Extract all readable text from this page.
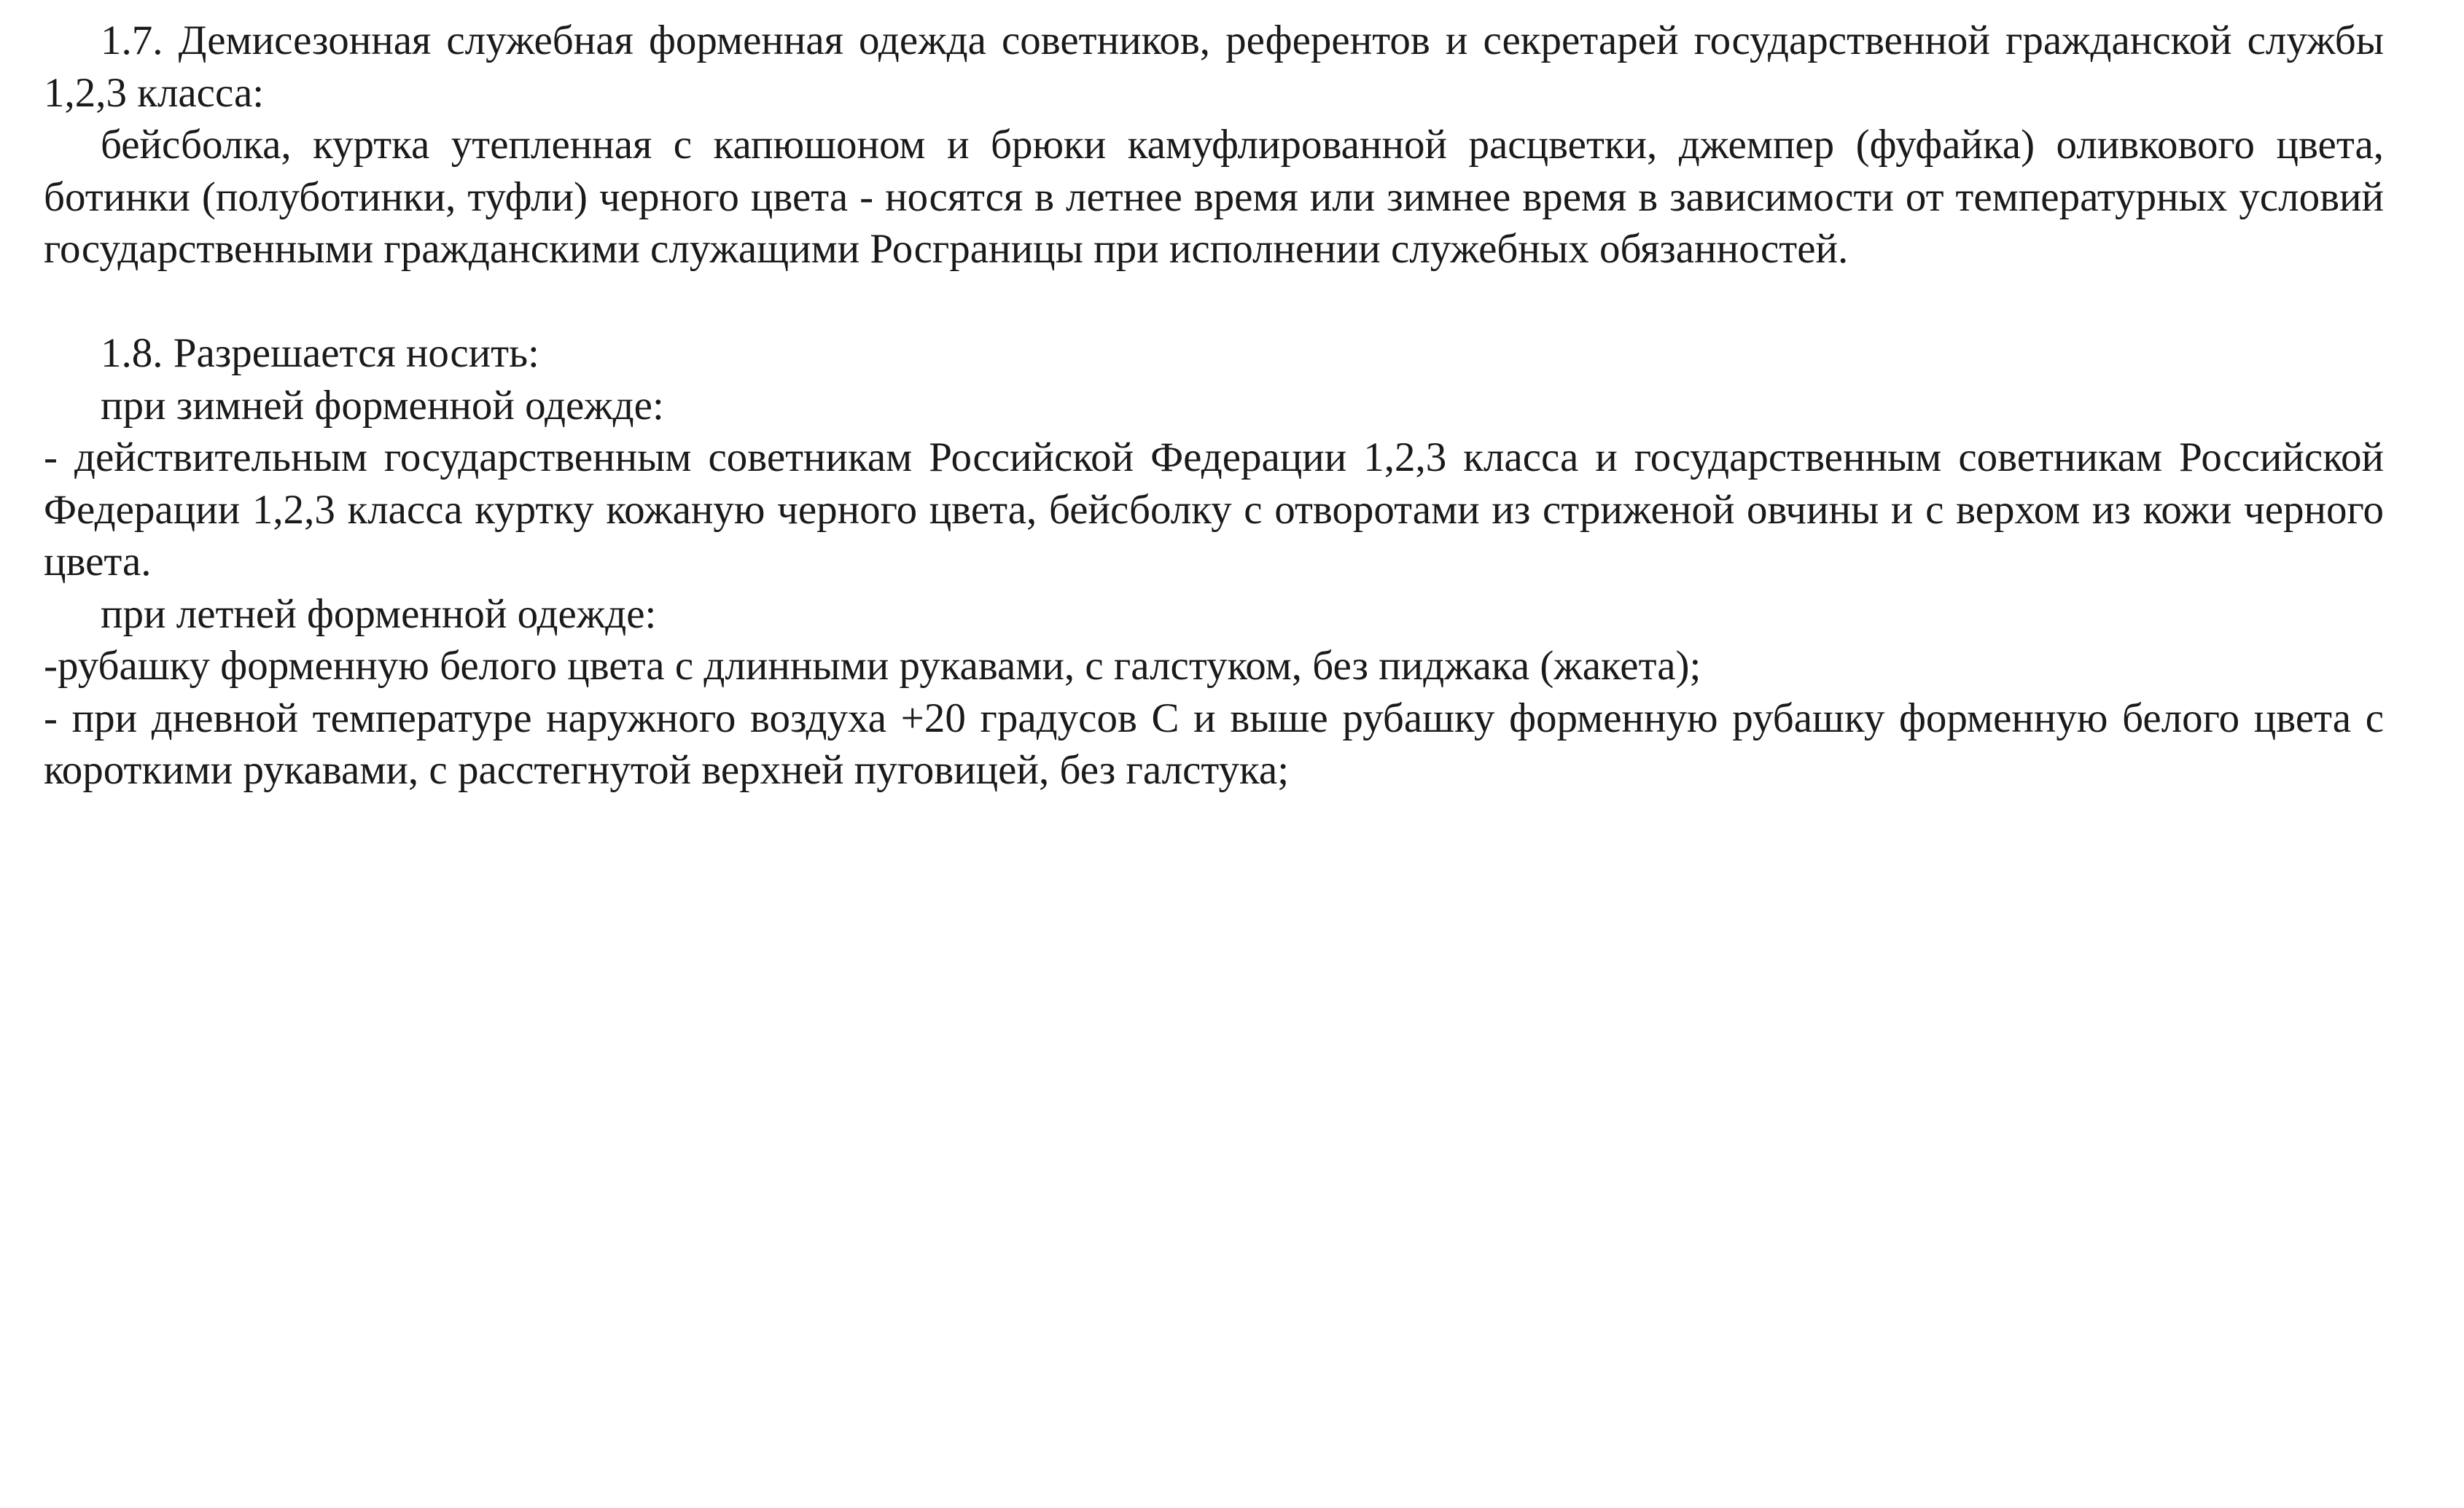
1.7. Демисезонная служебная форменная одежда советников, референтов и секретарей государственной гражданской службы 1,2,3 класса:

бейсболка, куртка утепленная с капюшоном и брюки камуфлированной расцветки, джемпер (фуфайка) оливкового цвета, ботинки (полуботинки, туфли) черного цвета - носятся в летнее время или зимнее время в зависимости от температурных условий государственными гражданскими служащими Росграницы при исполнении служебных обязанностей.

1.8. Разрешается носить:

при зимней форменной одежде:

- действительным государственным советникам Российской Федерации 1,2,3 класса и государственным советникам Российской Федерации 1,2,3 класса куртку кожаную черного цвета, бейсболку с отворотами из стриженой овчины и с верхом из кожи черного цвета.

при летней форменной одежде:

-рубашку форменную белого цвета с длинными рукавами, с галстуком, без пиджака (жакета);

- при дневной температуре наружного воздуха +20 градусов С и выше рубашку форменную рубашку форменную белого цвета с короткими рукавами, с расстегнутой верхней пуговицей, без галстука;
